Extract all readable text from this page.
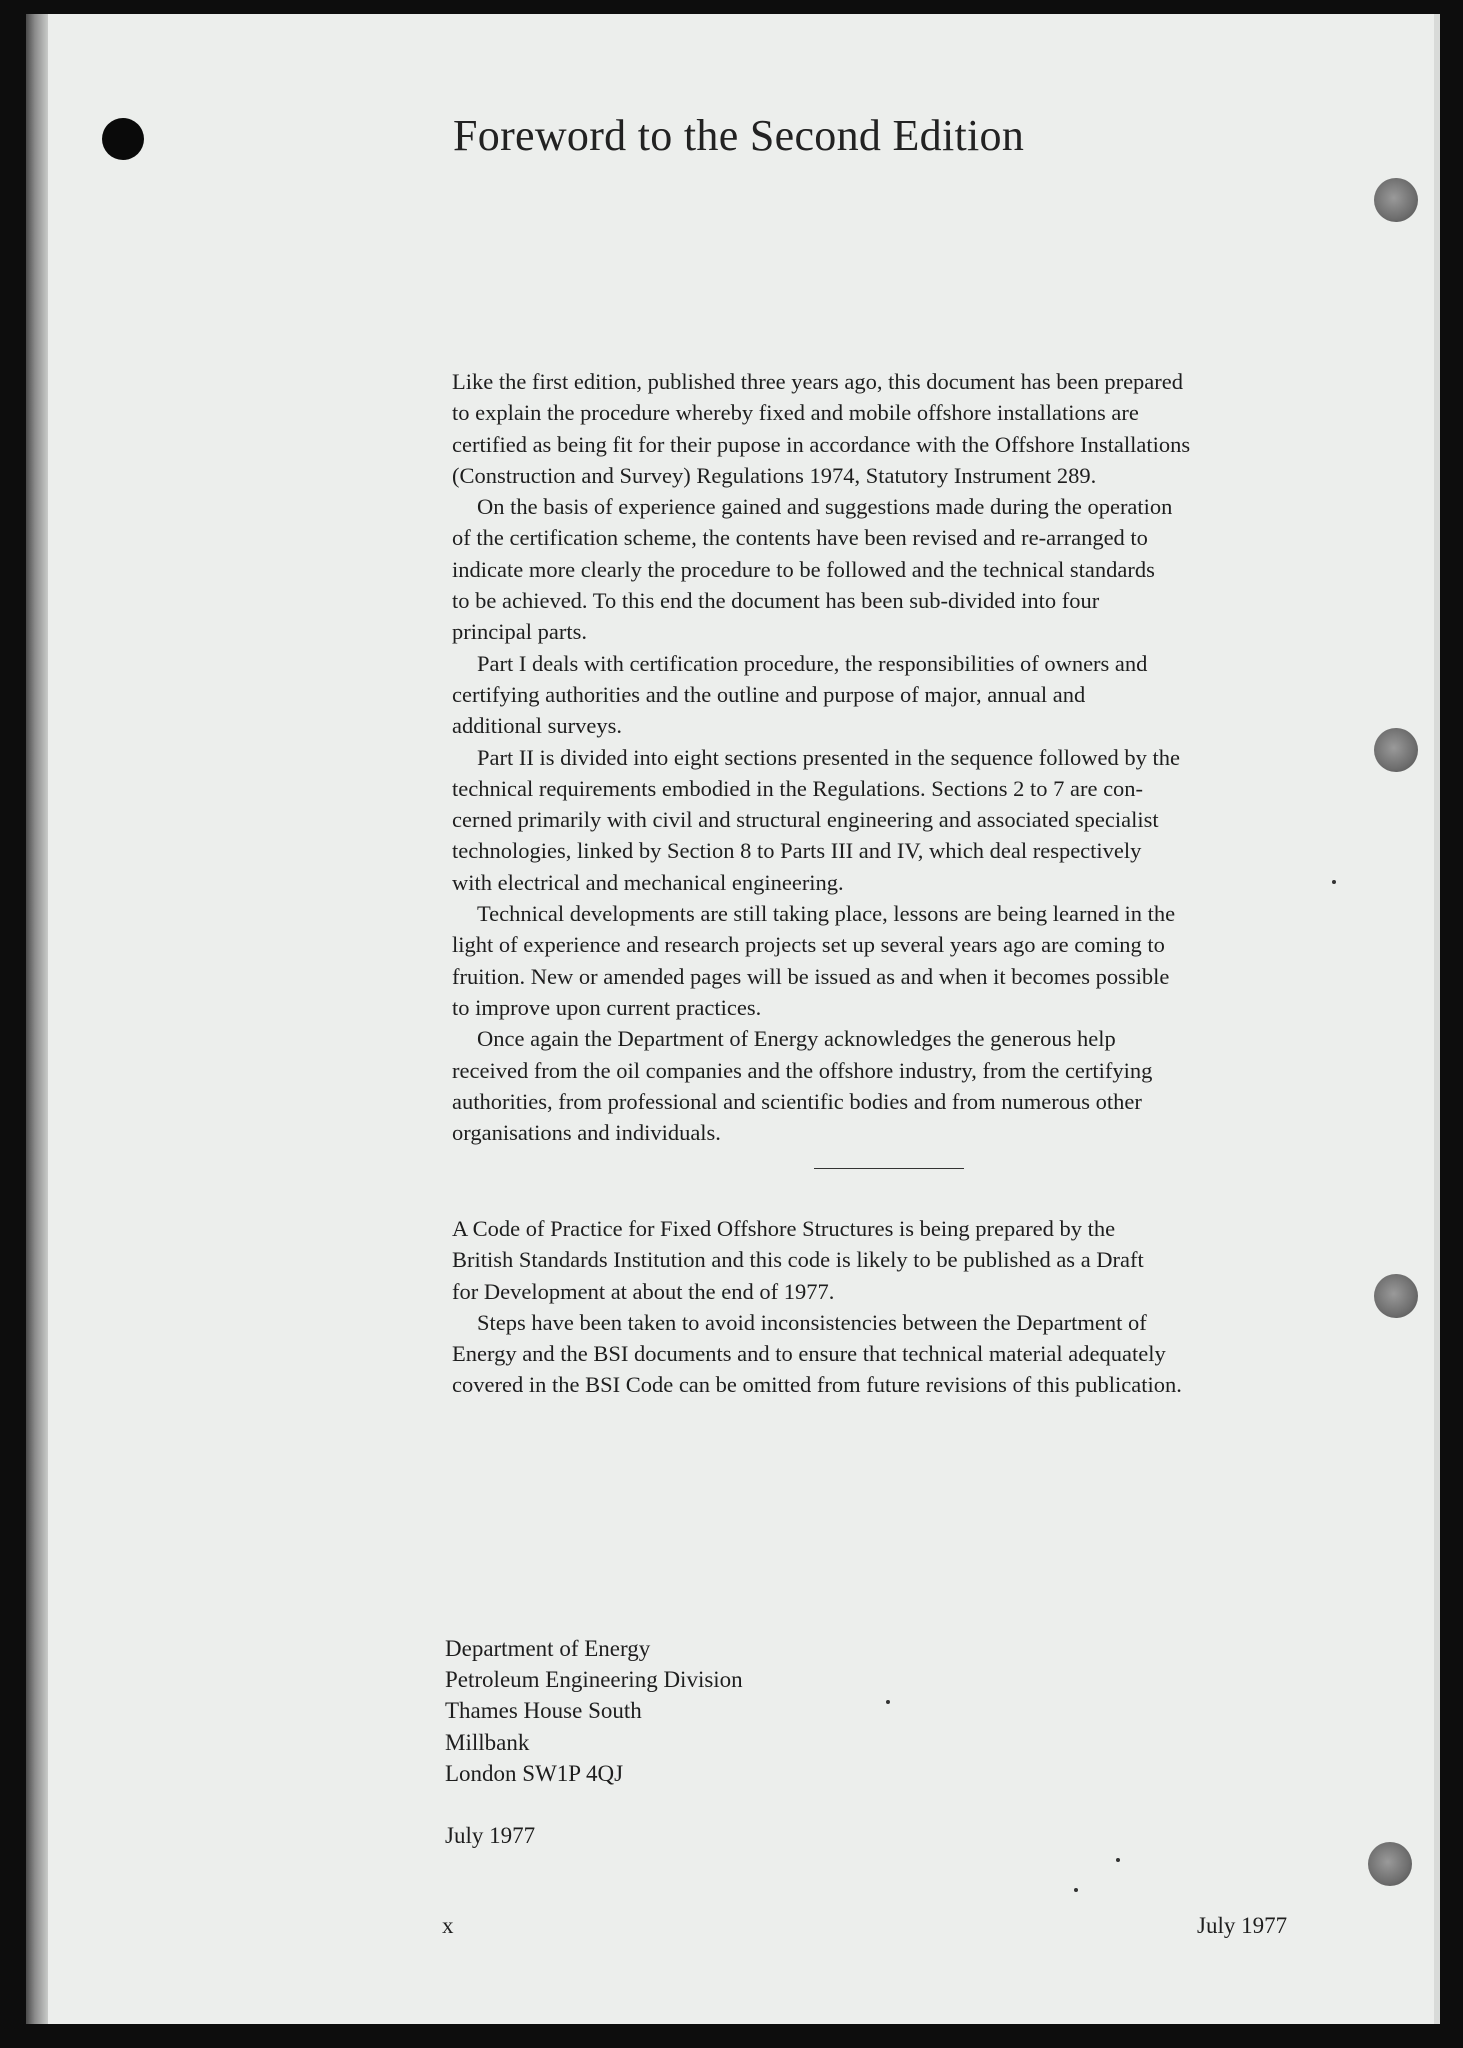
Foreword to the Second Edition

Like the first edition, published three years ago, this document has been prepared
to explain the procedure whereby fixed and mobile offshore installations are
certified as being fit for their pupose in accordance with the Offshore Installations
(Construction and Survey) Regulations 1974, Statutory Instrument 289.

On the basis of experience gained and suggestions made during the operation
of the certification scheme, the contents have been revised and re-arranged to
indicate more clearly the procedure to be followed and the technical standards
to be achieved. To this end the document has been sub-divided into four
principal parts.

Part I deals with certification procedure, the responsibilities of owners and
certifying authorities and the outline and purpose of major, annual and
additional surveys.

Part II is divided into eight sections presented in the sequence followed by the
technical requirements embodied in the Regulations. Sections 2 to 7 are con-
cerned primarily with civil and structural engineering and associated specialist
technologies, linked by Section 8 to Parts III and IV, which deal respectively
with electrical and mechanical engineering.

Technical developments are still taking place, lessons are being learned in the
light of experience and research projects set up several years ago are coming to
fruition. New or amended pages will be issued as and when it becomes possible
to improve upon current practices.

Once again the Department of Energy acknowledges the generous help
received from the oil companies and the offshore industry, from the certifying
authorities, from professional and scientific bodies and from numerous other
organisations and individuals.

A Code of Practice for Fixed Offshore Structures is being prepared by the
British Standards Institution and this code is likely to be published as a Draft
for Development at about the end of 1977.

Steps have been taken to avoid inconsistencies between the Department of
Energy and the BSI documents and to ensure that technical material adequately
covered in the BSI Code can be omitted from future revisions of this publication.

Department of Energy
Petroleum Engineering Division
Thames House South
Millbank
London SW1P 4QJ
July 1977
x	July 1977
